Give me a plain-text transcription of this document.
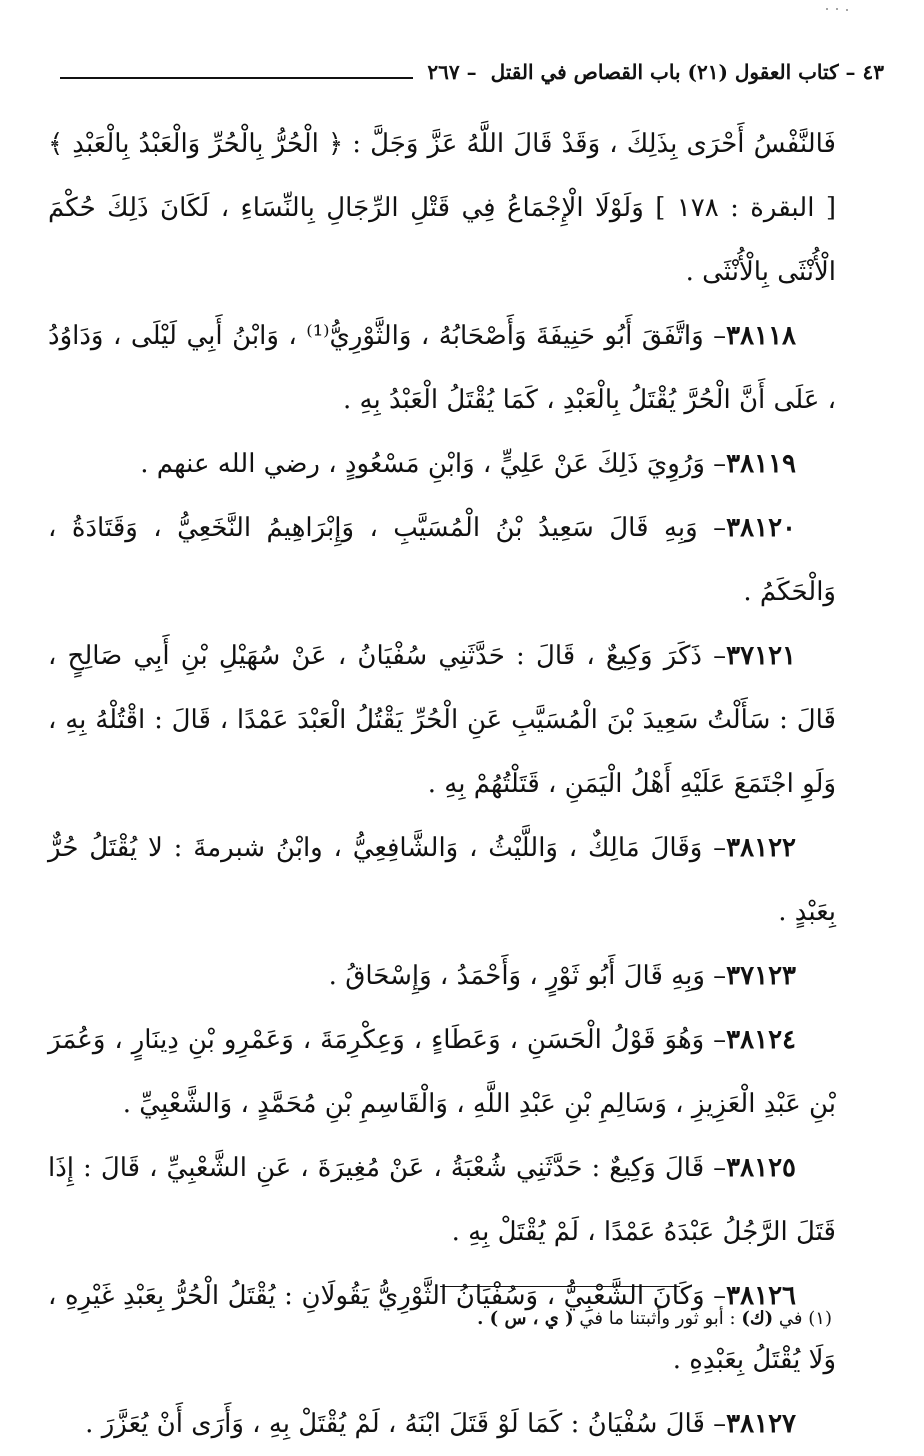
٤٣ – كتاب العقول (٢١) باب القصاص في القتل
– ٢٦٧

فَالنَّفْسُ أَحْرَى بِذَلِكَ ، وَقَدْ قَالَ اللَّهُ عَزَّ وَجَلَّ : ﴿ الْحُرُّ بِالْحُرِّ وَالْعَبْدُ بِالْعَبْدِ ﴾ [ البقرة : ١٧٨ ] وَلَوْلَا الْإِجْمَاعُ فِي قَتْلِ الرِّجَالِ بِالنِّسَاءِ ، لَكَانَ ذَلِكَ حُكْمَ الْأُنْثَى بِالْأُنْثَى .

٣٨١١٨– وَاتَّفَقَ أَبُو حَنِيفَةَ وَأَصْحَابُهُ ، وَالثَّوْرِيُّ⁽¹⁾ ، وَابْنُ أَبِي لَيْلَى ، وَدَاوُدُ ، عَلَى أَنَّ الْحُرَّ يُقْتَلُ بِالْعَبْدِ ، كَمَا يُقْتَلُ الْعَبْدُ بِهِ .

٣٨١١٩– وَرُوِيَ ذَلِكَ عَنْ عَلِيٍّ ، وَابْنِ مَسْعُودٍ ، رضي الله عنهم .

٣٨١٢٠– وَبِهِ قَالَ سَعِيدُ بْنُ الْمُسَيَّبِ ، وَإِبْرَاهِيمُ النَّخَعِيُّ ، وَقَتَادَةُ ، وَالْحَكَمُ .

٣٧١٢١– ذَكَرَ وَكِيعٌ ، قَالَ : حَدَّثَنِي سُفْيَانُ ، عَنْ سُهَيْلِ بْنِ أَبِي صَالِحٍ ، قَالَ : سَأَلْتُ سَعِيدَ بْنَ الْمُسَيَّبِ عَنِ الْحُرِّ يَقْتُلُ الْعَبْدَ عَمْدًا ، قَالَ : اقْتُلْهُ بِهِ ، وَلَوِ اجْتَمَعَ عَلَيْهِ أَهْلُ الْيَمَنِ ، قَتَلْتُهُمْ بِهِ .

٣٨١٢٢– وَقَالَ مَالِكٌ ، وَاللَّيْثُ ، وَالشَّافِعِيُّ ، وابْنُ شبرمةَ : لا يُقْتَلُ حُرٌّ بِعَبْدٍ .

٣٧١٢٣– وَبِهِ قَالَ أَبُو ثَوْرٍ ، وَأَحْمَدُ ، وَإِسْحَاقُ .

٣٨١٢٤– وَهُوَ قَوْلُ الْحَسَنِ ، وَعَطَاءٍ ، وَعِكْرِمَةَ ، وَعَمْرِو بْنِ دِينَارٍ ، وَعُمَرَ بْنِ عَبْدِ الْعَزِيزِ ، وَسَالِمِ بْنِ عَبْدِ اللَّهِ ، وَالْقَاسِمِ بْنِ مُحَمَّدٍ ، وَالشَّعْبِيِّ .

٣٨١٢٥– قَالَ وَكِيعٌ : حَدَّثَنِي شُعْبَةُ ، عَنْ مُغِيرَةَ ، عَنِ الشَّعْبِيِّ ، قَالَ : إِذَا قَتَلَ الرَّجُلُ عَبْدَهُ عَمْدًا ، لَمْ يُقْتَلْ بِهِ .

٣٨١٢٦– وَكَانَ الشَّعْبِيُّ ، وَسُفْيَانُ الثَّوْرِيُّ يَقُولَانِ : يُقْتَلُ الْحُرُّ بِعَبْدِ غَيْرِهِ ، وَلَا يُقْتَلُ بِعَبْدِهِ .

٣٨١٢٧– قَالَ سُفْيَانُ : كَمَا لَوْ قَتَلَ ابْنَهُ ، لَمْ يُقْتَلْ بِهِ ، وَأَرَى أَنْ يُعَزَّرَ .

(١) في (ك) : أبو ثور وأثبتنا ما في ( ي ، س ) .
